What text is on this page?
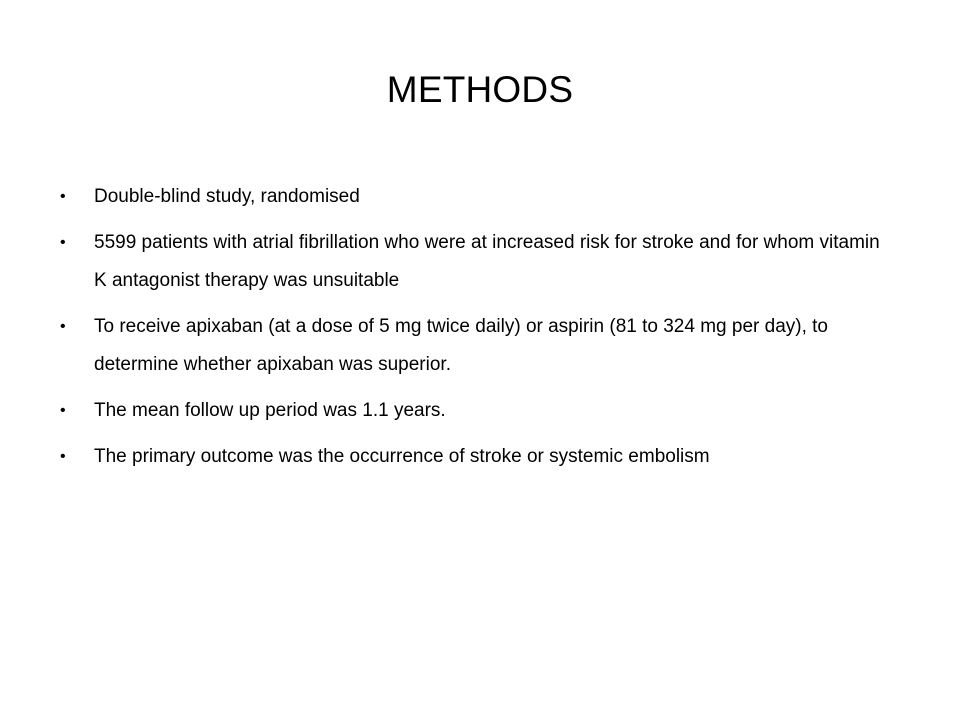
METHODS
• Double-blind study, randomised
• 5599 patients with atrial fibrillation who were at increased risk for stroke and for whom vitamin K antagonist therapy was unsuitable
• To receive apixaban (at a dose of 5 mg twice daily) or aspirin (81 to 324 mg per day), to determine whether apixaban was superior.
• The mean follow up period was 1.1 years.
• The primary outcome was the occurrence of stroke or systemic embolism
